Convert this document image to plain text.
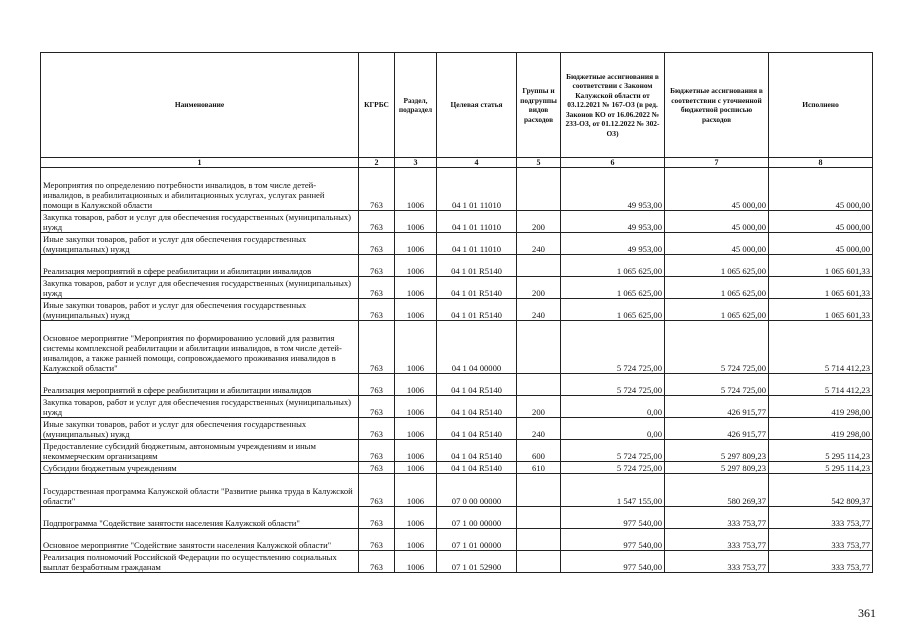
Наименование	КГРБС	Раздел, подраздел	Целевая статья	Группы и подгруппы видов расходов	Бюджетные ассигнования в соответствии с Законом Калужской области от 03.12.2021 № 167-ОЗ (в ред. Законов КО от 16.06.2022 № 233-ОЗ, от 01.12.2022 № 302-ОЗ)	Бюджетные ассигнования в соответствии с уточненной бюджетной росписью расходов	Исполнено
1	2	3	4	5	6	7	8
Мероприятия по определению потребности инвалидов, в том числе детей-инвалидов, в реабилитационных и абилитационных услугах, услугах ранней помощи в Калужской области	763	1006	04 1 01 11010		49 953,00	45 000,00	45 000,00
Закупка товаров, работ и услуг для обеспечения государственных (муниципальных) нужд	763	1006	04 1 01 11010	200	49 953,00	45 000,00	45 000,00
Иные закупки товаров, работ и услуг для обеспечения государственных (муниципальных) нужд	763	1006	04 1 01 11010	240	49 953,00	45 000,00	45 000,00
Реализация мероприятий в сфере реабилитации и абилитации инвалидов	763	1006	04 1 01 R5140		1 065 625,00	1 065 625,00	1 065 601,33
Закупка товаров, работ и услуг для обеспечения государственных (муниципальных) нужд	763	1006	04 1 01 R5140	200	1 065 625,00	1 065 625,00	1 065 601,33
Иные закупки товаров, работ и услуг для обеспечения государственных (муниципальных) нужд	763	1006	04 1 01 R5140	240	1 065 625,00	1 065 625,00	1 065 601,33
Основное мероприятие "Мероприятия по формированию условий для развития системы комплексной реабилитации и абилитации инвалидов, в том числе детей-инвалидов, а также ранней помощи, сопровождаемого проживания инвалидов в Калужской области"	763	1006	04 1 04 00000		5 724 725,00	5 724 725,00	5 714 412,23
Реализация мероприятий в сфере реабилитации и абилитации инвалидов	763	1006	04 1 04 R5140		5 724 725,00	5 724 725,00	5 714 412,23
Закупка товаров, работ и услуг для обеспечения государственных (муниципальных) нужд	763	1006	04 1 04 R5140	200	0,00	426 915,77	419 298,00
Иные закупки товаров, работ и услуг для обеспечения государственных (муниципальных) нужд	763	1006	04 1 04 R5140	240	0,00	426 915,77	419 298,00
Предоставление субсидий бюджетным, автономным учреждениям и иным некоммерческим организациям	763	1006	04 1 04 R5140	600	5 724 725,00	5 297 809,23	5 295 114,23
Субсидии бюджетным учреждениям	763	1006	04 1 04 R5140	610	5 724 725,00	5 297 809,23	5 295 114,23
Государственная программа Калужской области "Развитие рынка труда в Калужской области"	763	1006	07 0 00 00000		1 547 155,00	580 269,37	542 809,37
Подпрограмма "Содействие занятости населения Калужской области"	763	1006	07 1 00 00000		977 540,00	333 753,77	333 753,77
Основное мероприятие "Содействие занятости населения Калужской области"	763	1006	07 1 01 00000		977 540,00	333 753,77	333 753,77
Реализация полномочий Российской Федерации по осуществлению социальных выплат безработным гражданам	763	1006	07 1 01 52900		977 540,00	333 753,77	333 753,77
361
